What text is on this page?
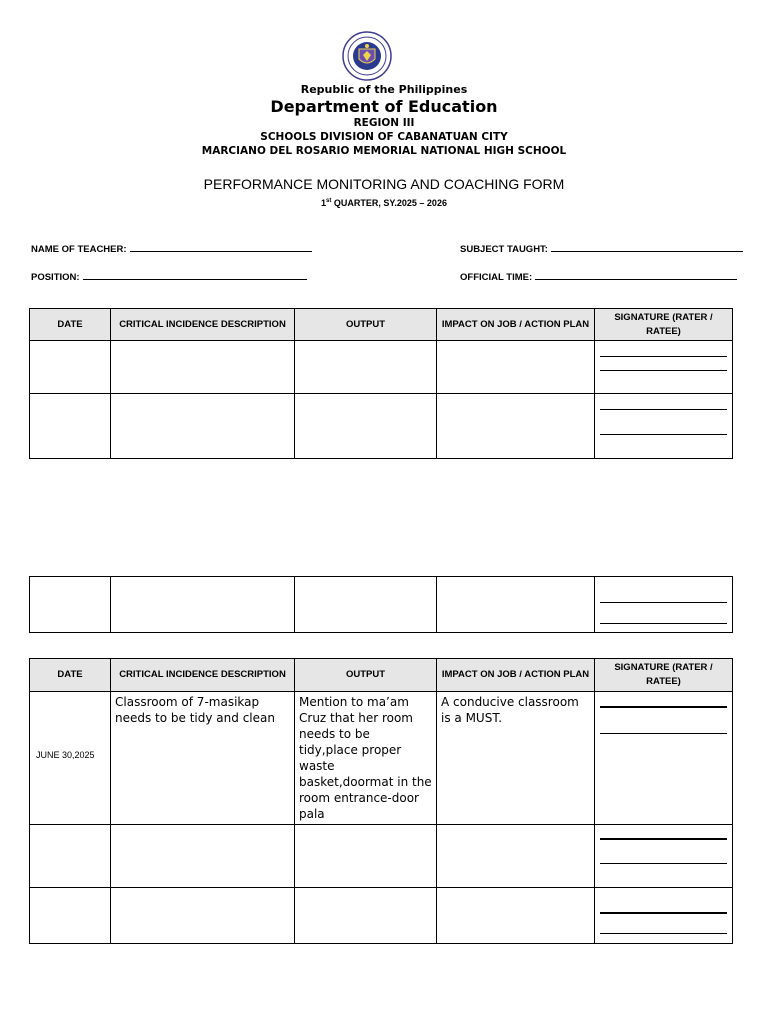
Republic of the Philippines
Department of Education
REGION III
SCHOOLS DIVISION OF CABANATUAN CITY
MARCIANO DEL ROSARIO MEMORIAL NATIONAL HIGH SCHOOL
PERFORMANCE MONITORING AND COACHING FORM
1st QUARTER, SY.2025 – 2026
NAME OF TEACHER:	SUBJECT TAUGHT:
POSITION:	OFFICIAL TIME:
DATE	CRITICAL INCIDENCE DESCRIPTION	OUTPUT	IMPACT ON JOB / ACTION PLAN	SIGNATURE (RATER / RATEE)

DATE	CRITICAL INCIDENCE DESCRIPTION	OUTPUT	IMPACT ON JOB / ACTION PLAN	SIGNATURE (RATER / RATEE)

JUNE 30,2025	Classroom of 7-masikap needs to be tidy and clean	Mention to ma’am Cruz that her room needs to be tidy,place proper waste basket,doormat in the room entrance-door pala	A conducive classroom is a MUST.	
